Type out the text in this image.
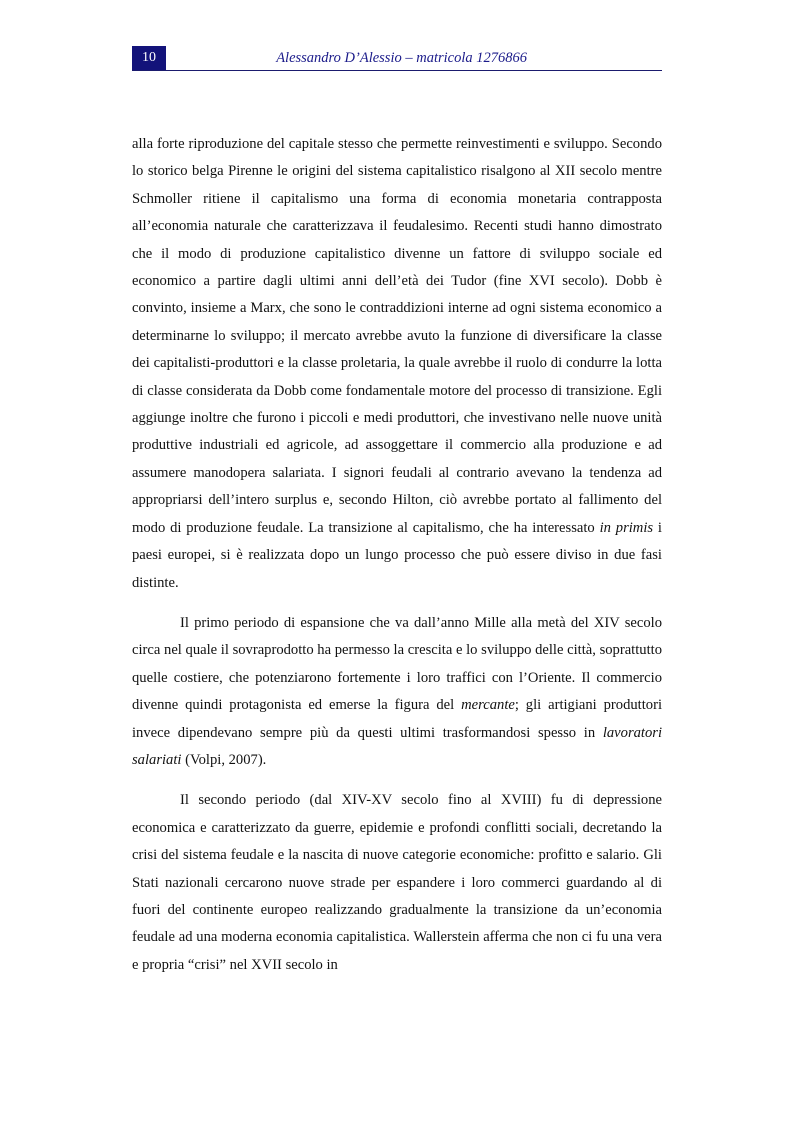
10	Alessandro D’Alessio – matricola 1276866

alla forte riproduzione del capitale stesso che permette reinvestimenti e sviluppo. Secondo lo storico belga Pirenne le origini del sistema capitalistico risalgono al XII secolo mentre Schmoller ritiene il capitalismo una forma di economia monetaria contrapposta all’economia naturale che caratterizzava il feudalesimo. Recenti studi hanno dimostrato che il modo di produzione capitalistico divenne un fattore di sviluppo sociale ed economico a partire dagli ultimi anni dell’età dei Tudor (fine XVI secolo). Dobb è convinto, insieme a Marx, che sono le contraddizioni interne ad ogni sistema economico a determinarne lo sviluppo; il mercato avrebbe avuto la funzione di diversificare la classe dei capitalisti-produttori e la classe proletaria, la quale avrebbe il ruolo di condurre la lotta di classe considerata da Dobb come fondamentale motore del processo di transizione. Egli aggiunge inoltre che furono i piccoli e medi produttori, che investivano nelle nuove unità produttive industriali ed agricole, ad assoggettare il commercio alla produzione e ad assumere manodopera salariata. I signori feudali al contrario avevano la tendenza ad appropriarsi dell’intero surplus e, secondo Hilton, ciò avrebbe portato al fallimento del modo di produzione feudale. La transizione al capitalismo, che ha interessato in primis i paesi europei, si è realizzata dopo un lungo processo che può essere diviso in due fasi distinte.

Il primo periodo di espansione che va dall’anno Mille alla metà del XIV secolo circa nel quale il sovraprodotto ha permesso la crescita e lo sviluppo delle città, soprattutto quelle costiere, che potenziarono fortemente i loro traffici con l’Oriente. Il commercio divenne quindi protagonista ed emerse la figura del mercante; gli artigiani produttori invece dipendevano sempre più da questi ultimi trasformandosi spesso in lavoratori salariati (Volpi, 2007).

Il secondo periodo (dal XIV-XV secolo fino al XVIII) fu di depressione economica e caratterizzato da guerre, epidemie e profondi conflitti sociali, decretando la crisi del sistema feudale e la nascita di nuove categorie economiche: profitto e salario. Gli Stati nazionali cercarono nuove strade per espandere i loro commerci guardando al di fuori del continente europeo realizzando gradualmente la transizione da un’economia feudale ad una moderna economia capitalistica. Wallerstein afferma che non ci fu una vera e propria “crisi” nel XVII secolo in
